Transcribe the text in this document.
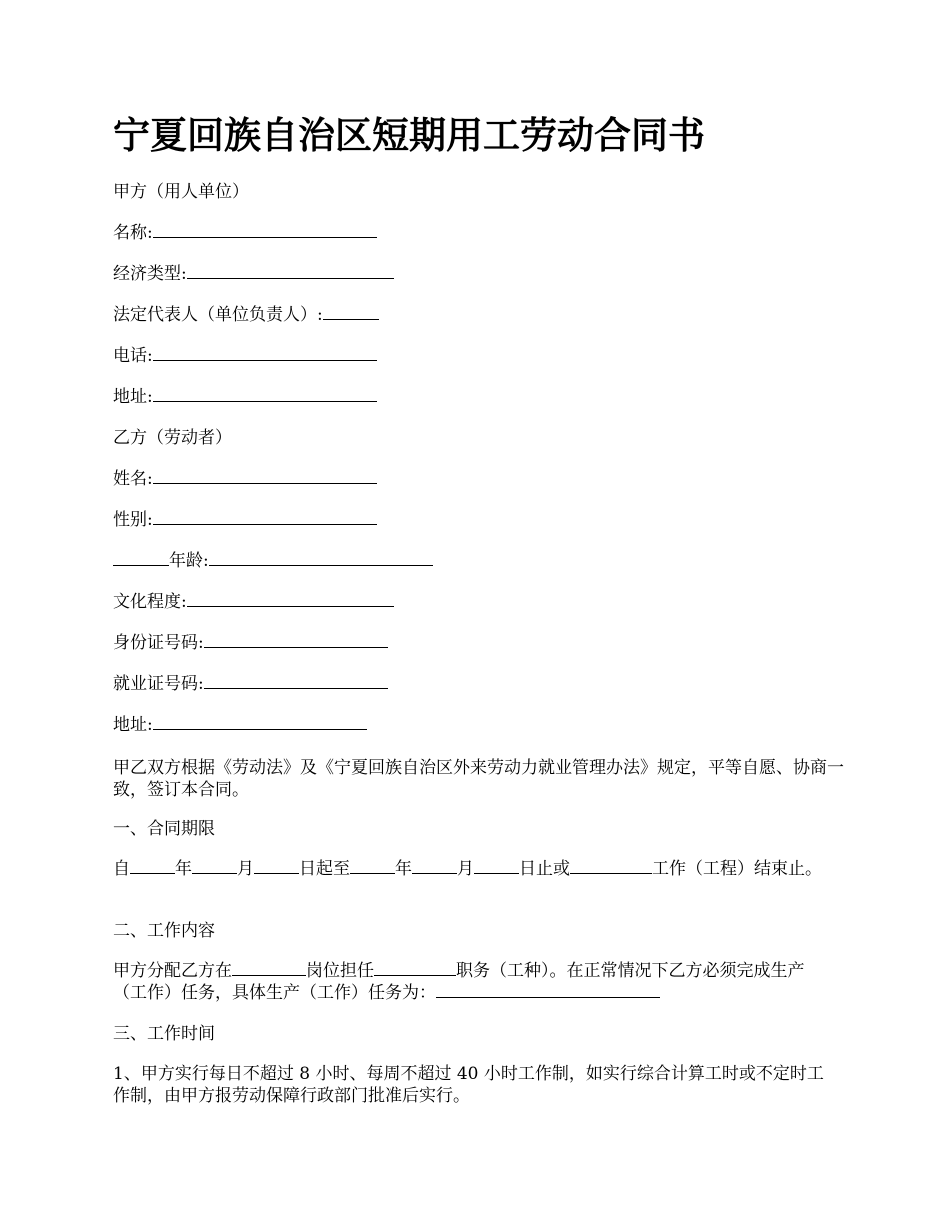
宁夏回族自治区短期用工劳动合同书

甲方（用人单位）

名称:

经济类型:

法定代表人（单位负责人）:

电话:

地址:

乙方（劳动者）

姓名:

性别:

年龄:

文化程度:

身份证号码:

就业证号码:

地址:

甲乙双方根据《劳动法》及《宁夏回族自治区外来劳动力就业管理办法》规定，平等自愿、协商一致，签订本合同。

一、合同期限

自	年	月	日起至	年	月	日止或	工作（工程）结束止。

二、工作内容

甲方分配乙方在	岗位担任	职务（工种）。在正常情况下乙方必须完成生产（工作）任务，具体生产（工作）任务为：

三、工作时间

1、甲方实行每日不超过 8 小时、每周不超过 40 小时工作制，如实行综合计算工时或不定时工作制，由甲方报劳动保障行政部门批准后实行。
